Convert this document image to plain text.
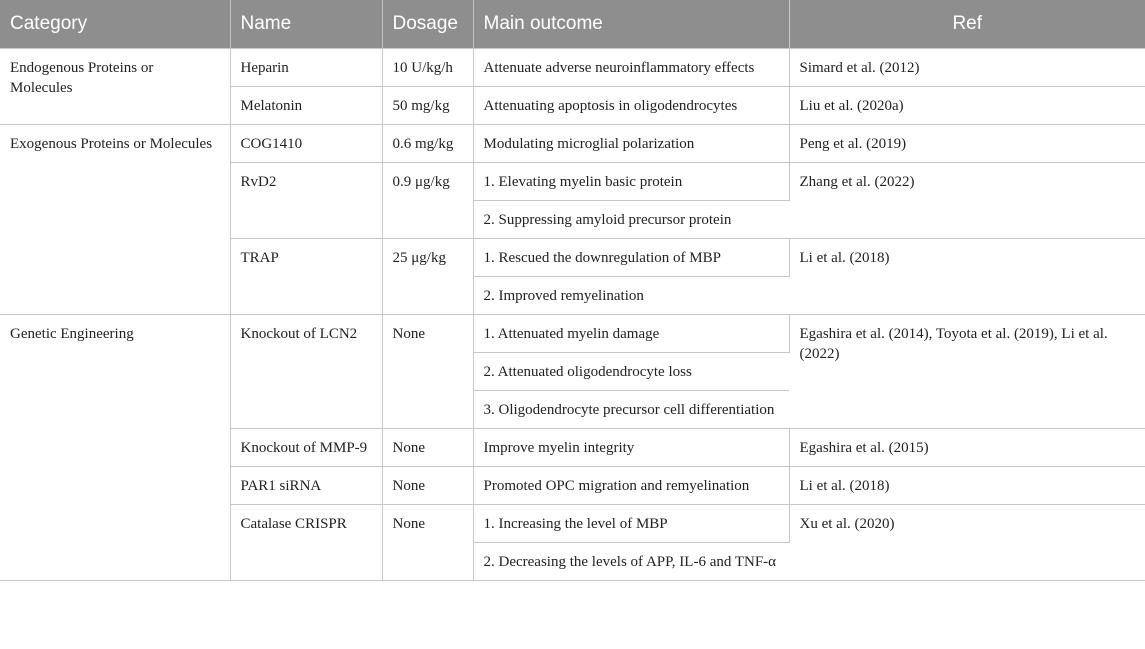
Category	Name	Dosage	Main outcome	Ref
Endogenous Proteins or Molecules	Heparin	10 U/kg/h	Attenuate adverse neuroinflammatory effects	Simard et al. (2012)
	Melatonin	50 mg/kg	Attenuating apoptosis in oligodendrocytes	Liu et al. (2020a)
Exogenous Proteins or Molecules	COG1410	0.6 mg/kg	Modulating microglial polarization	Peng et al. (2019)
	RvD2	0.9 μg/kg	1. Elevating myelin basic protein	Zhang et al. (2022)
			2. Suppressing amyloid precursor protein	
	TRAP	25 μg/kg	1. Rescued the downregulation of MBP	Li et al. (2018)
			2. Improved remyelination	
Genetic Engineering	Knockout of LCN2	None	1. Attenuated myelin damage	Egashira et al. (2014), Toyota et al. (2019), Li et al. (2022)
			2. Attenuated oligodendrocyte loss	
			3. Oligodendrocyte precursor cell differentiation	
	Knockout of MMP-9	None	Improve myelin integrity	Egashira et al. (2015)
	PAR1 siRNA	None	Promoted OPC migration and remyelination	Li et al. (2018)
	Catalase CRISPR	None	1. Increasing the level of MBP	Xu et al. (2020)
			2. Decreasing the levels of APP, IL-6 and TNF-α	
